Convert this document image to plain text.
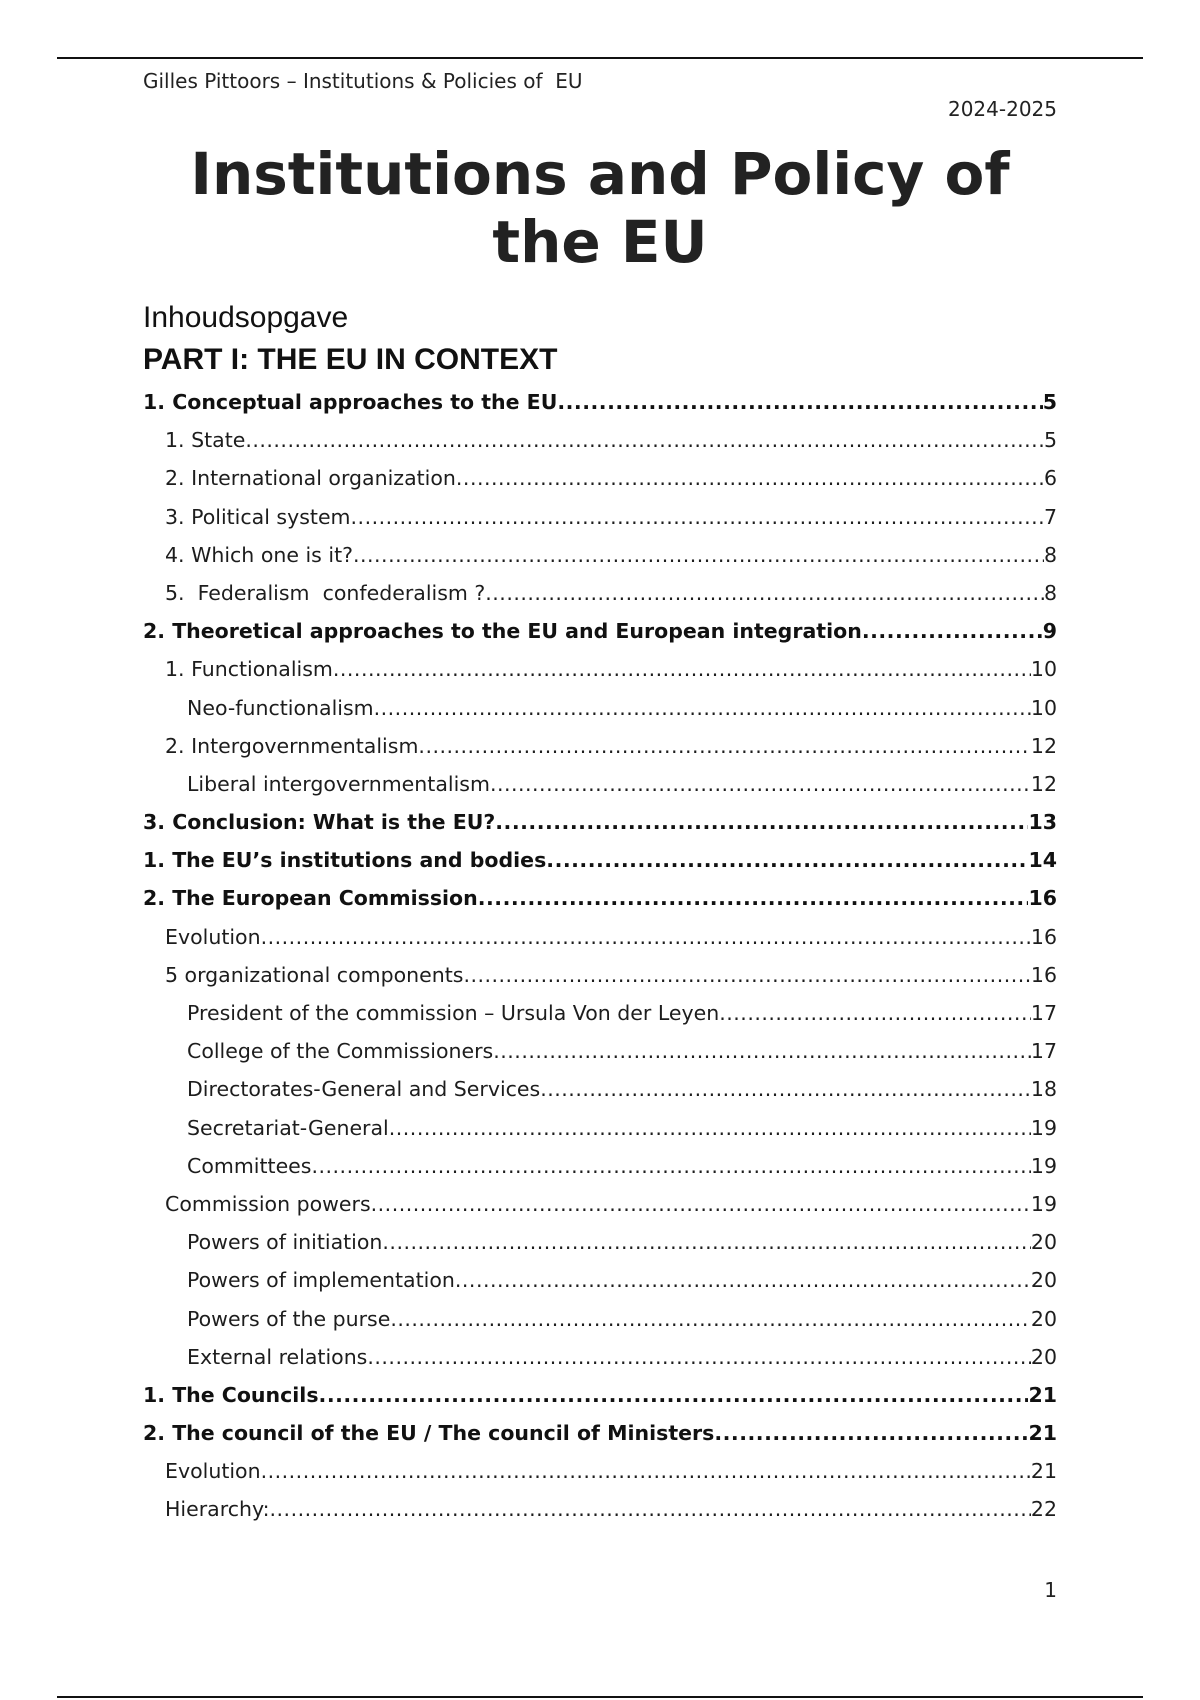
Gilles Pittoors – Institutions & Policies of  EU
2024-2025
Institutions and Policy of
the EU
Inhoudsopgave
PART I: THE EU IN CONTEXT
1. Conceptual approaches to the EU .....	5
1. State .....	5
2. International organization .....	6
3. Political system .....	7
4. Which one is it? .....	8
5.  Federalism  confederalism ? .....	8
2. Theoretical approaches to the EU and European integration .....	9
1. Functionalism .....	10
Neo-functionalism .....	10
2. Intergovernmentalism .....	12
Liberal intergovernmentalism .....	12
3. Conclusion: What is the EU? .....	13
1. The EU’s institutions and bodies .....	14
2. The European Commission .....	16
Evolution .....	16
5 organizational components .....	16
President of the commission – Ursula Von der Leyen .....	17
College of the Commissioners .....	17
Directorates-General and Services .....	18
Secretariat-General .....	19
Committees .....	19
Commission powers .....	19
Powers of initiation .....	20
Powers of implementation .....	20
Powers of the purse .....	20
External relations .....	20
1. The Councils .....	21
2. The council of the EU / The council of Ministers .....	21
Evolution .....	21
Hierarchy: .....	22
1
